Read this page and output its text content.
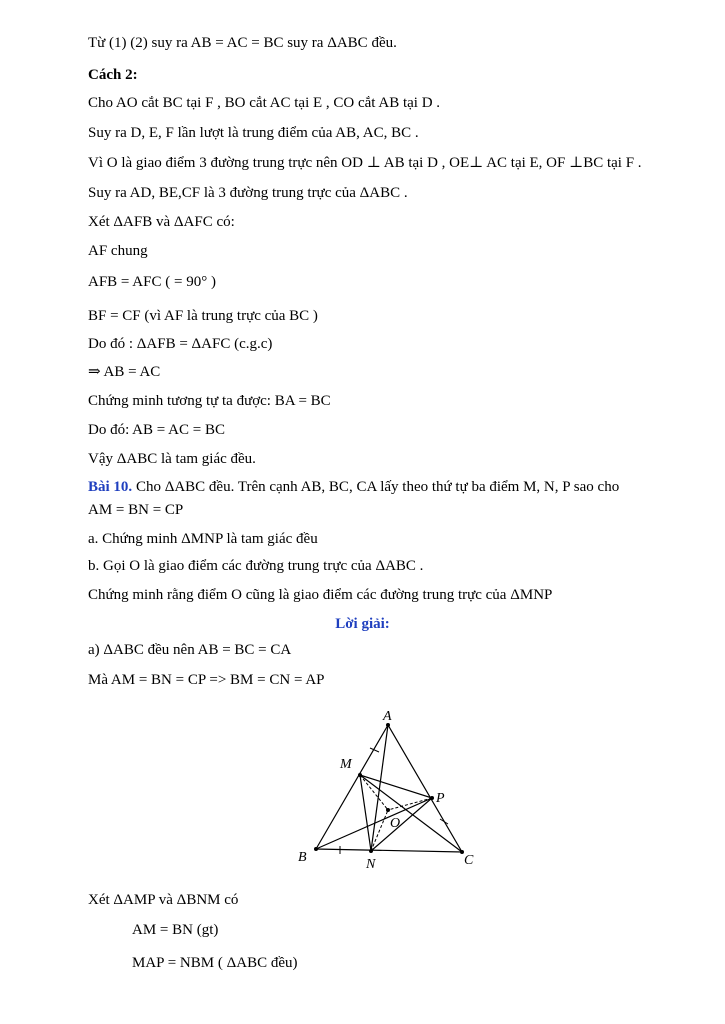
Từ (1) (2) suy ra AB = AC = BC suy ra ΔABC đều.
Cách 2:
Cho AO cắt BC tại F , BO cắt AC tại E , CO cắt AB tại D .
Suy ra D, E, F lần lượt là trung điểm của AB, AC, BC .
Vì O là giao điểm 3 đường trung trực nên OD ⊥ AB tại D , OE⊥ AC tại E, OF ⊥BC tại F .
Suy ra AD, BE,CF là 3 đường trung trực của ΔABC .
Xét ΔAFB và ΔAFC có:
AF chung
AFB = AFC ( = 90° )
BF = CF (vì AF là trung trực của BC )
Do đó : ΔAFB = ΔAFC (c.g.c)
⇒ AB = AC
Chứng minh tương tự ta được: BA = BC
Do đó: AB = AC = BC
Vậy ΔABC là tam giác đều.
Bài 10. Cho ΔABC đều. Trên cạnh AB, BC, CA lấy theo thứ tự ba điểm M, N, P sao cho
AM = BN = CP
a. Chứng minh ΔMNP là tam giác đều
b. Gọi O là giao điểm các đường trung trực của ΔABC .
Chứng minh rằng điểm O cũng là giao điểm các đường trung trực của ΔMNP
Lời giải:
a) ΔABC đều nên AB = BC = CA
Mà AM = BN = CP => BM = CN = AP
A
B	C
M
N
P
O
Xét ΔAMP và ΔBNM có
AM = BN (gt)
MAP = NBM ( ΔABC đều)
